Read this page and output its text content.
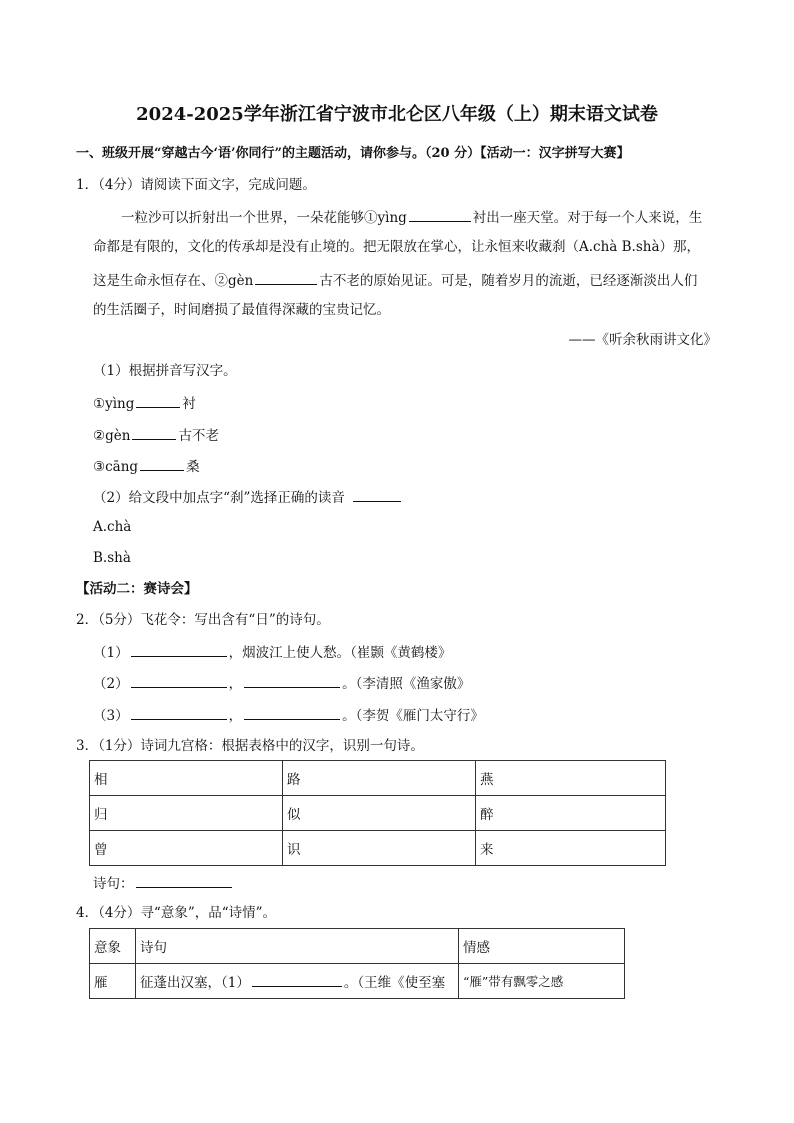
2024-2025学年浙江省宁波市北仑区八年级（上）期末语文试卷
一、班级开展“穿越古今‘语’你同行”的主题活动，请你参与。（20 分）【活动一：汉字拼写大赛】
1．（4分）请阅读下面文字，完成问题。
一粒沙可以折射出一个世界，一朵花能够①yìng	衬出一座天堂。对于每一个人来说，生
命都是有限的，文化的传承却是没有止境的。把无限放在掌心，让永恒来收藏刹（A.chà B.shà）那，
这是生命永恒存在、②gèn	古不老的原始见证。可是，随着岁月的流逝，已经逐渐淡出人们
的生活圈子，时间磨损了最值得深藏的宝贵记忆。
——《听余秋雨讲文化》
（1）根据拼音写汉字。
①yìng	衬
②gèn	古不老
③cāng	桑
（2）给文段中加点字“刹”选择正确的读音
A.chà
B.shà
【活动二：赛诗会】
2．（5分）飞花令：写出含有“日”的诗句。
（1）	，烟波江上使人愁。（崔颢《黄鹤楼》
（2）	，	。（李清照《渔家傲》
（3）	，	。（李贺《雁门太守行》
3．（1分）诗词九宫格：根据表格中的汉字，识别一句诗。
相	路	燕
归	似	醉
曾	识	来
诗句：
4．（4分）寻“意象”，品“诗情”。
意象	诗句	情感
雁	征蓬出汉塞，（1） 。（王维《使至塞	“雁”带有飘零之感
